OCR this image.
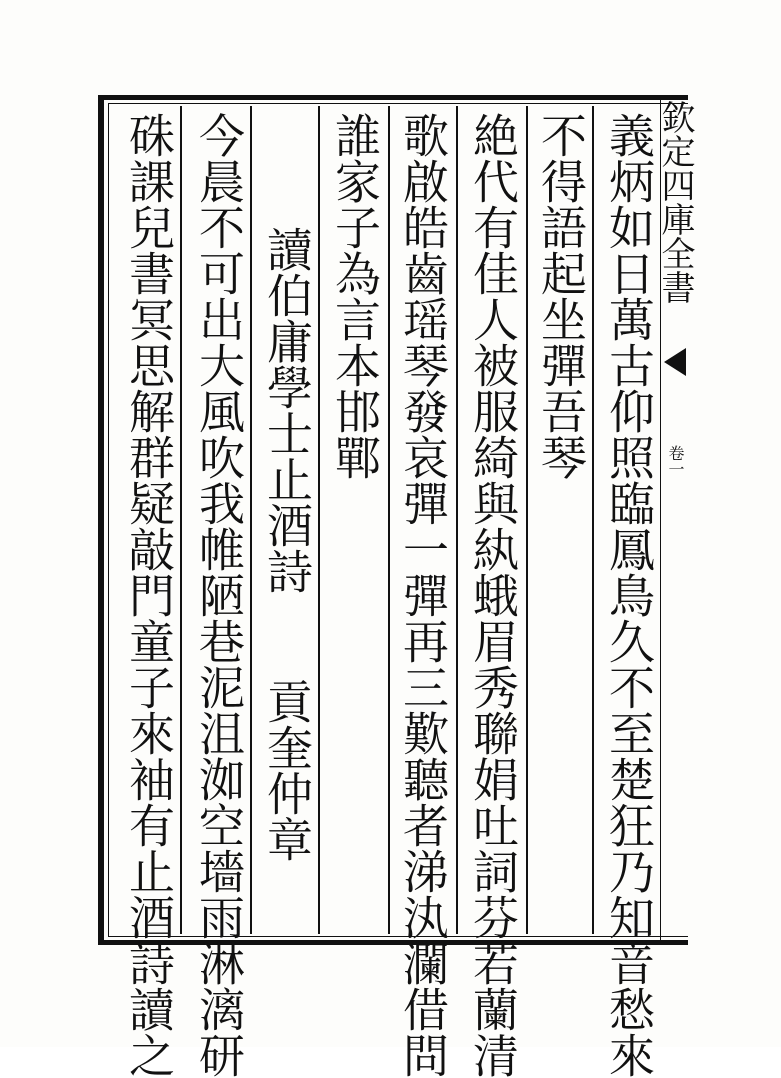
欽定四庫全書
卷一
義炳如日萬古仰照臨鳳鳥久不至楚狂乃知音愁來
不得語起坐彈吾琴
絶代有佳人被服綺與紈蛾眉秀聯娟吐詞芬若蘭清
歌啟皓齒瑶琴發哀彈一彈再三歎聽者涕汍瀾借問
誰家子為言本邯鄲
讀伯庸學士止酒詩
貢奎仲章
今晨不可出大風吹我帷陋巷泥沮洳空墻雨淋漓研
硃課兒書冥思解群疑敲門童子來袖有止酒詩讀之
